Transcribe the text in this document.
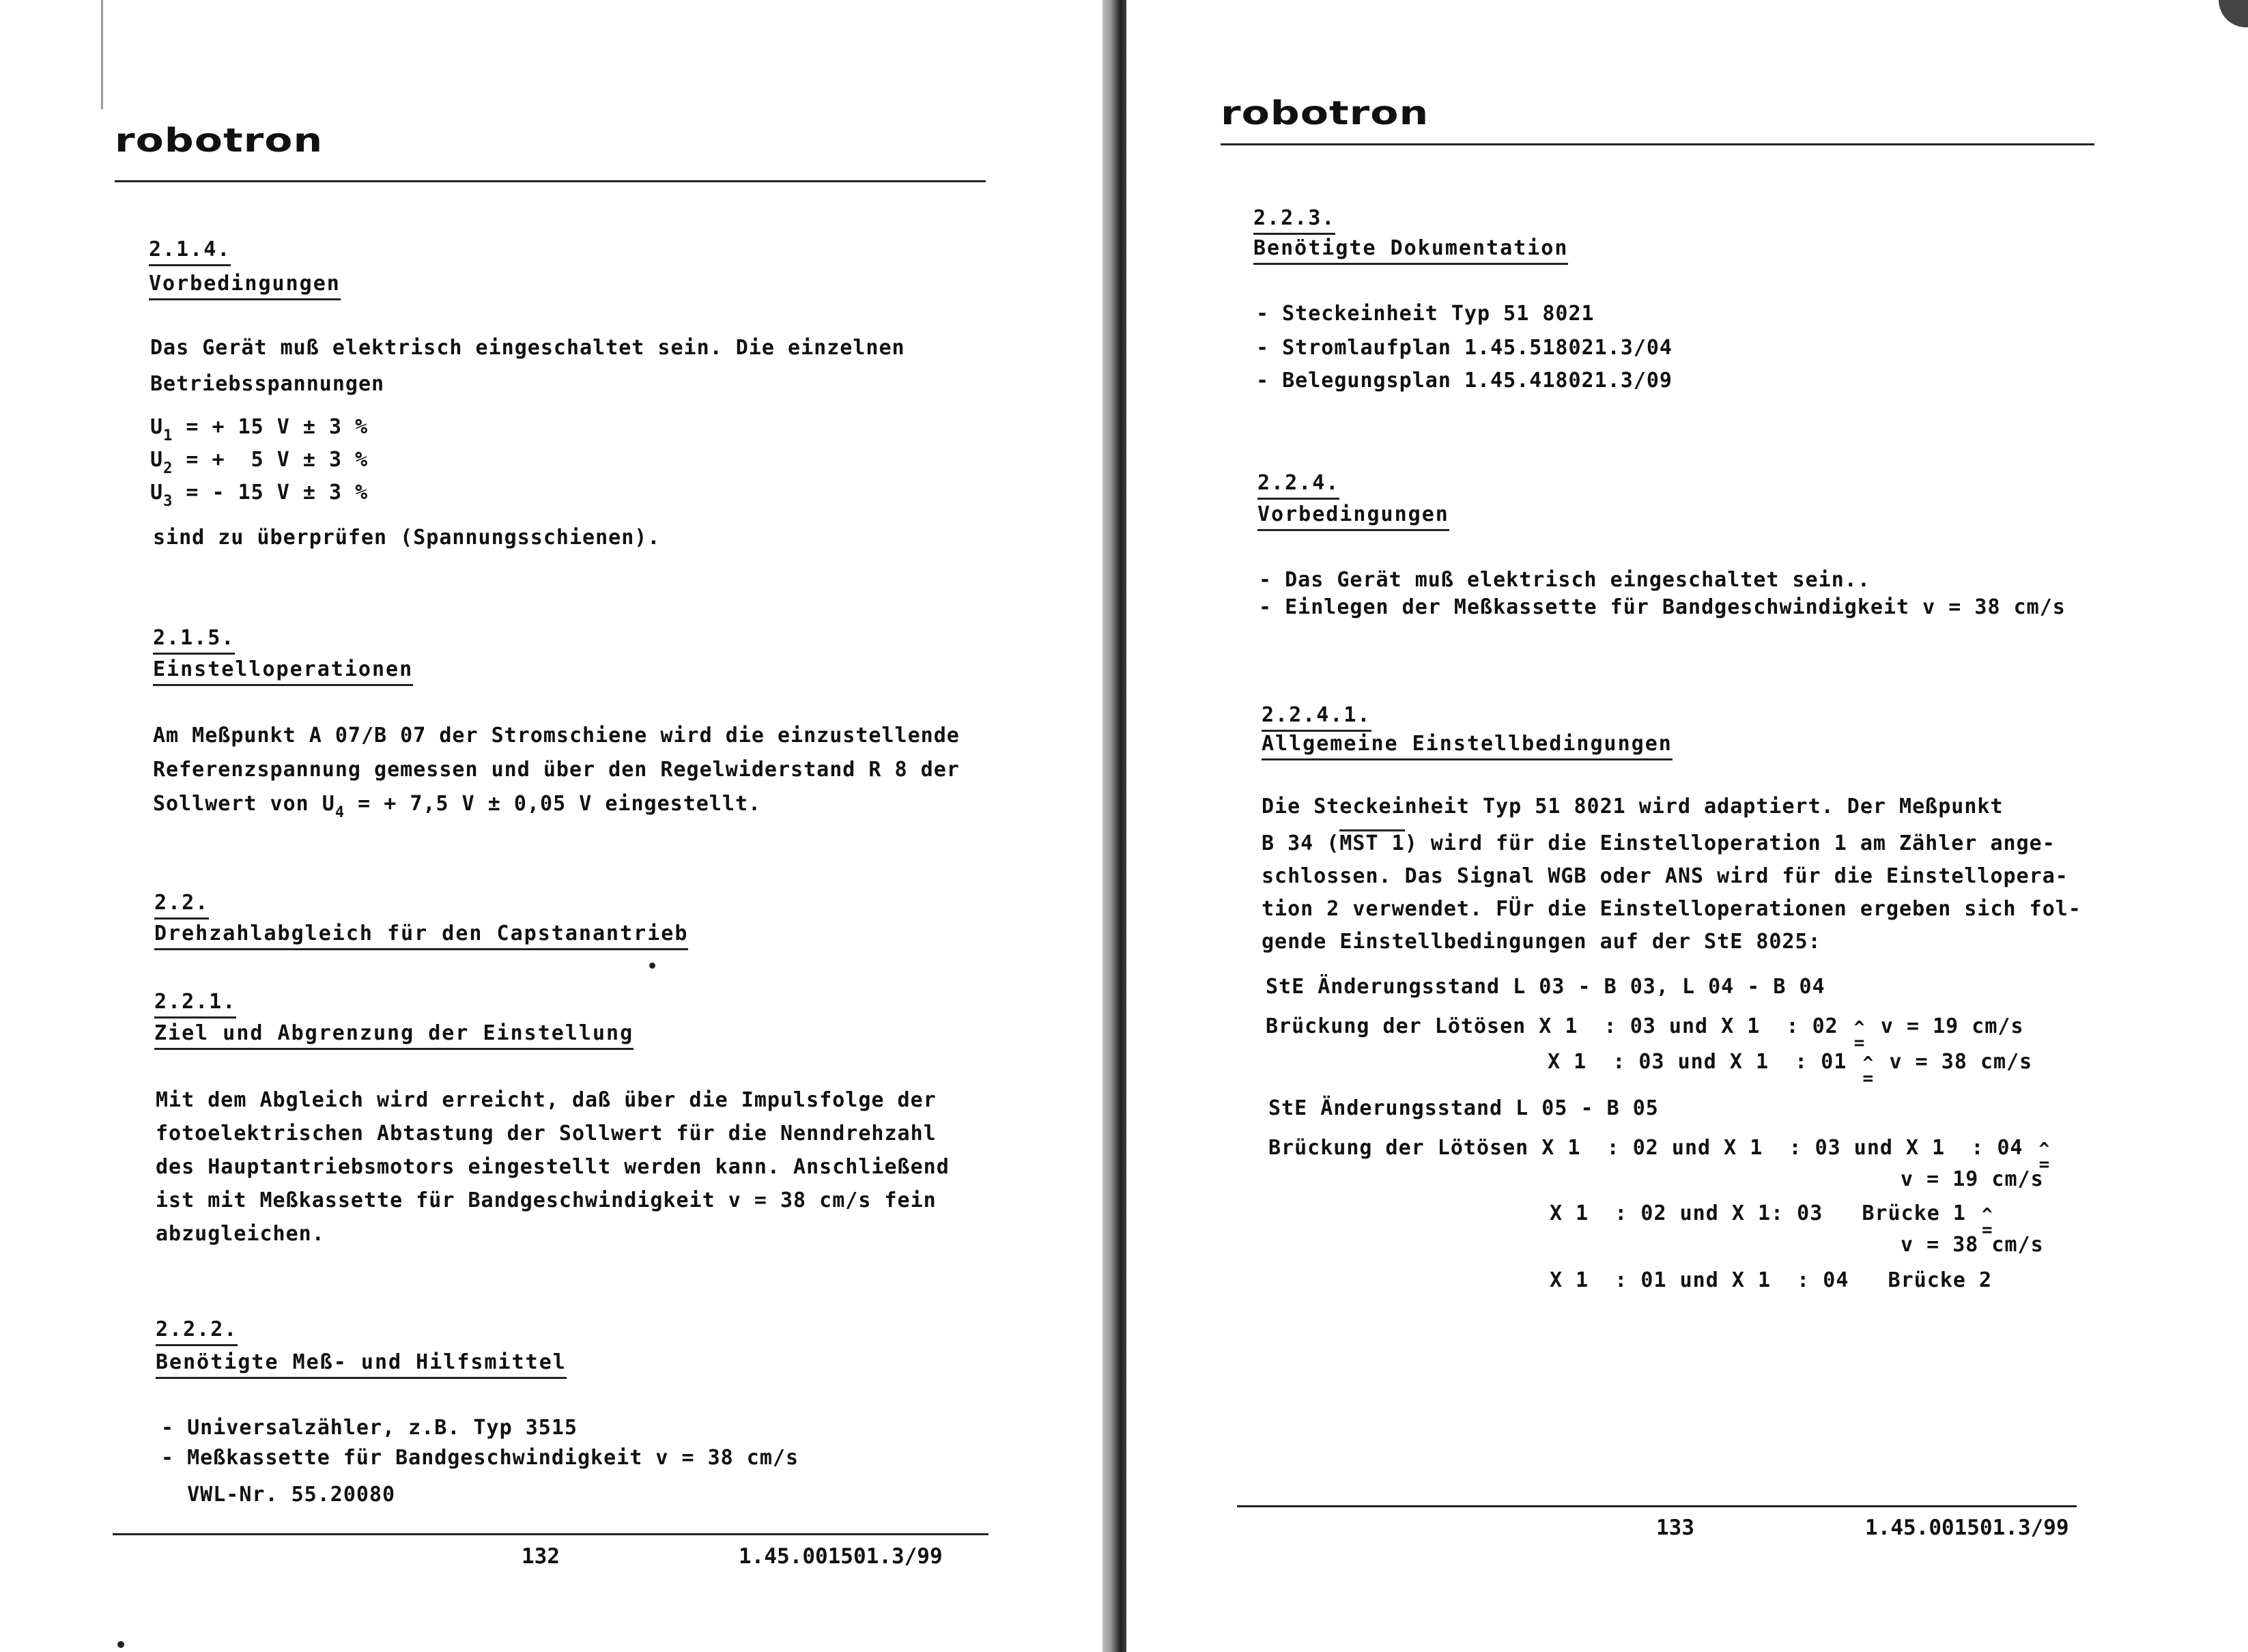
robotron
2.1.4.
Vorbedingungen
Das Gerät muß elektrisch eingeschaltet sein. Die einzelnen
Betriebsspannungen
$U_1$ = + 15 V ± 3 %
$U_2$ = +  5 V ± 3 %
$U_3$ = - 15 V ± 3 %
sind zu überprüfen (Spannungsschienen).
2.1.5.
Einstelloperationen
Am Meßpunkt A 07/B 07 der Stromschiene wird die einzustellende
Referenzspannung gemessen und über den Regelwiderstand R 8 der
Sollwert von $U_4$ = + 7,5 V ± 0,05 V eingestellt.
2.2.
Drehzahlabgleich für den Capstanantrieb
2.2.1.
Ziel und Abgrenzung der Einstellung
Mit dem Abgleich wird erreicht, daß über die Impulsfolge der
fotoelektrischen Abtastung der Sollwert für die Nenndrehzahl
des Hauptantriebsmotors eingestellt werden kann. Anschließend
ist mit Meßkassette für Bandgeschwindigkeit v = 38 cm/s fein
abzugleichen.
2.2.2.
Benötigte Meß- und Hilfsmittel
- Universalzähler, z.B. Typ 3515
- Meßkassette für Bandgeschwindigkeit v = 38 cm/s
VWL-Nr. 55.20080
132	1.45.001501.3/99
robotron
2.2.3.
Benötigte Dokumentation
- Steckeinheit Typ 51 8021
- Stromlaufplan 1.45.518021.3/04
- Belegungsplan 1.45.418021.3/09
2.2.4.
Vorbedingungen
- Das Gerät muß elektrisch eingeschaltet sein..
- Einlegen der Meßkassette für Bandgeschwindigkeit v = 38 cm/s
2.2.4.1.
Allgemeine Einstellbedingungen
Die Steckeinheit Typ 51 8021 wird adaptiert. Der Meßpunkt
B 34 (MST 1) wird für die Einstelloperation 1 am Zähler ange-
schlossen. Das Signal WGB oder ANS wird für die Einstellopera-
tion 2 verwendet. FÜr die Einstelloperationen ergeben sich fol-
gende Einstellbedingungen auf der StE 8025:
StE Änderungsstand L 03 - B 03, L 04 - B 04
Brückung der Lötösen X 1  : 03 und X 1  : 02 v = 19 cm/s
X 1  : 03 und X 1  : 01 v = 38 cm/s
StE Änderungsstand L 05 - B 05
Brückung der Lötösen X 1  : 02 und X 1  : 03 und X 1  : 04
v = 19 cm/s
X 1  : 02 und X 1: 03   Brücke 1
v = 38 cm/s
X 1  : 01 und X 1  : 04   Brücke 2
133	1.45.001501.3/99
